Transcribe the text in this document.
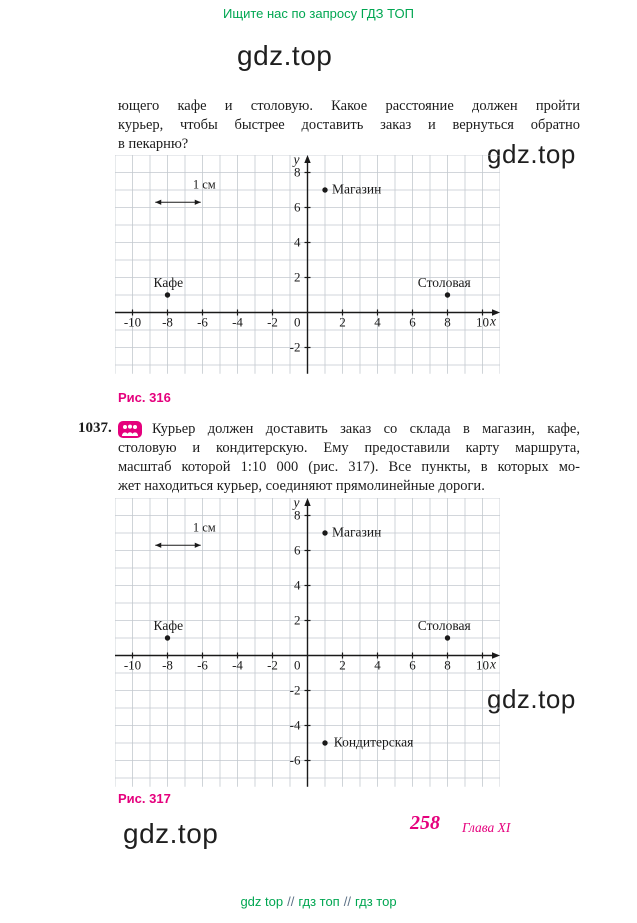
Ищите нас по запросу ГДЗ ТОП
gdz.top
gdz.top
gdz.top
gdz.top
ющего кафе и столовую. Какое расстояние должен пройти
курьер, чтобы быстрее доставить заказ и вернуться обратно
в пекарню?
-10 -8 -6 -4 -2	2 4 6 8 10
8
6
4
2
-2
0	x
y
1 см	Магазин
Кафе	Столовая
Рис. 316
1037.	Курьер должен доставить заказ со склада в магазин, кафе,
столовую и кондитерскую. Ему предоставили карту маршрута,
масштаб которой 1:10 000 (рис. 317). Все пункты, в которых мо-
жет находиться курьер, соединяют прямолинейные дороги.
-10 -8 -6 -4 -2	2 4 6 8 10
8
6
4
2
-2
-4
-6
0	x
y
1 см	Магазин
Кафе	Столовая
Кондитерская
Рис. 317
258 Глава XI
gdz top // гдз топ // гдз тор
